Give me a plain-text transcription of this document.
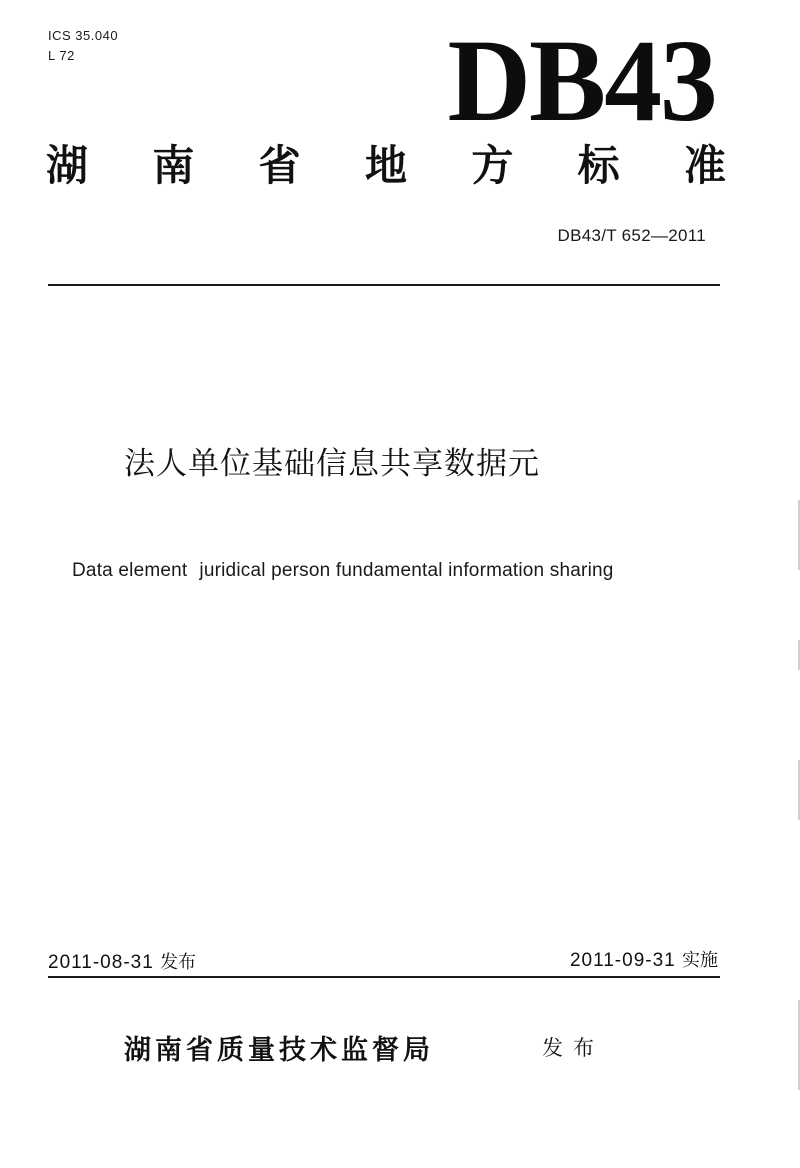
ICS 35.040
L 72	DB43
湖 南 省 地 方 标 准
DB43/T 652—2011
法人单位基础信息共享数据元
Data element juridical person fundamental information sharing
2011-08-31 发布	2011-09-31 实施
湖南省质量技术监督局	发布
